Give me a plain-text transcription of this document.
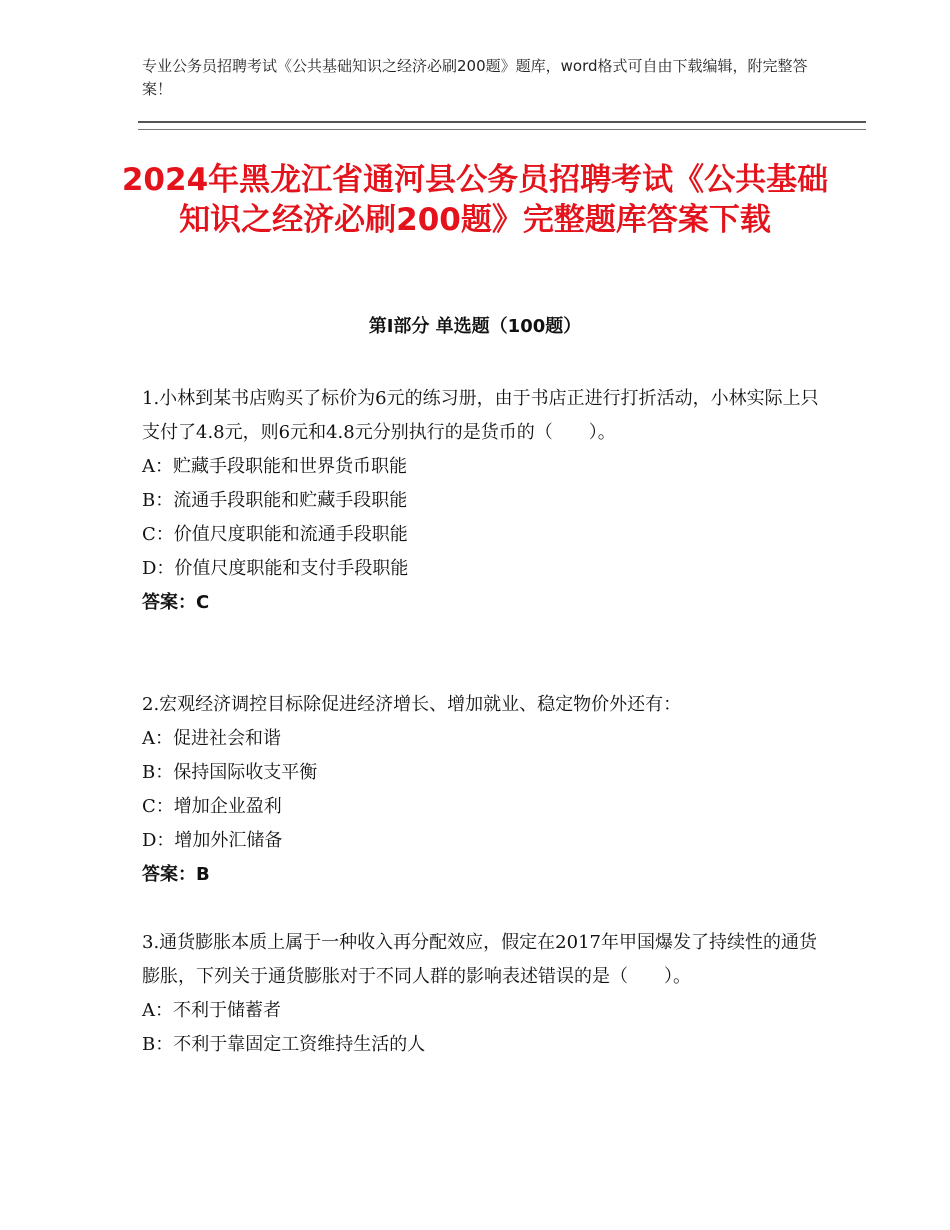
专业公务员招聘考试《公共基础知识之经济必刷200题》题库，word格式可自由下载编辑，附完整答案！
2024年黑龙江省通河县公务员招聘考试《公共基础知识之经济必刷200题》完整题库答案下载
第Ⅰ部分 单选题（100题）

1.小林到某书店购买了标价为6元的练习册，由于书店正进行打折活动，小林实际上只支付了4.8元，则6元和4.8元分别执行的是货币的（　　）。

A：贮藏手段职能和世界货币职能

B：流通手段职能和贮藏手段职能

C：价值尺度职能和流通手段职能

D：价值尺度职能和支付手段职能

答案：C

2.宏观经济调控目标除促进经济增长、增加就业、稳定物价外还有：

A：促进社会和谐

B：保持国际收支平衡

C：增加企业盈利

D：增加外汇储备

答案：B

3.通货膨胀本质上属于一种收入再分配效应，假定在2017年甲国爆发了持续性的通货膨胀，下列关于通货膨胀对于不同人群的影响表述错误的是（　　）。

A：不利于储蓄者

B：不利于靠固定工资维持生活的人
